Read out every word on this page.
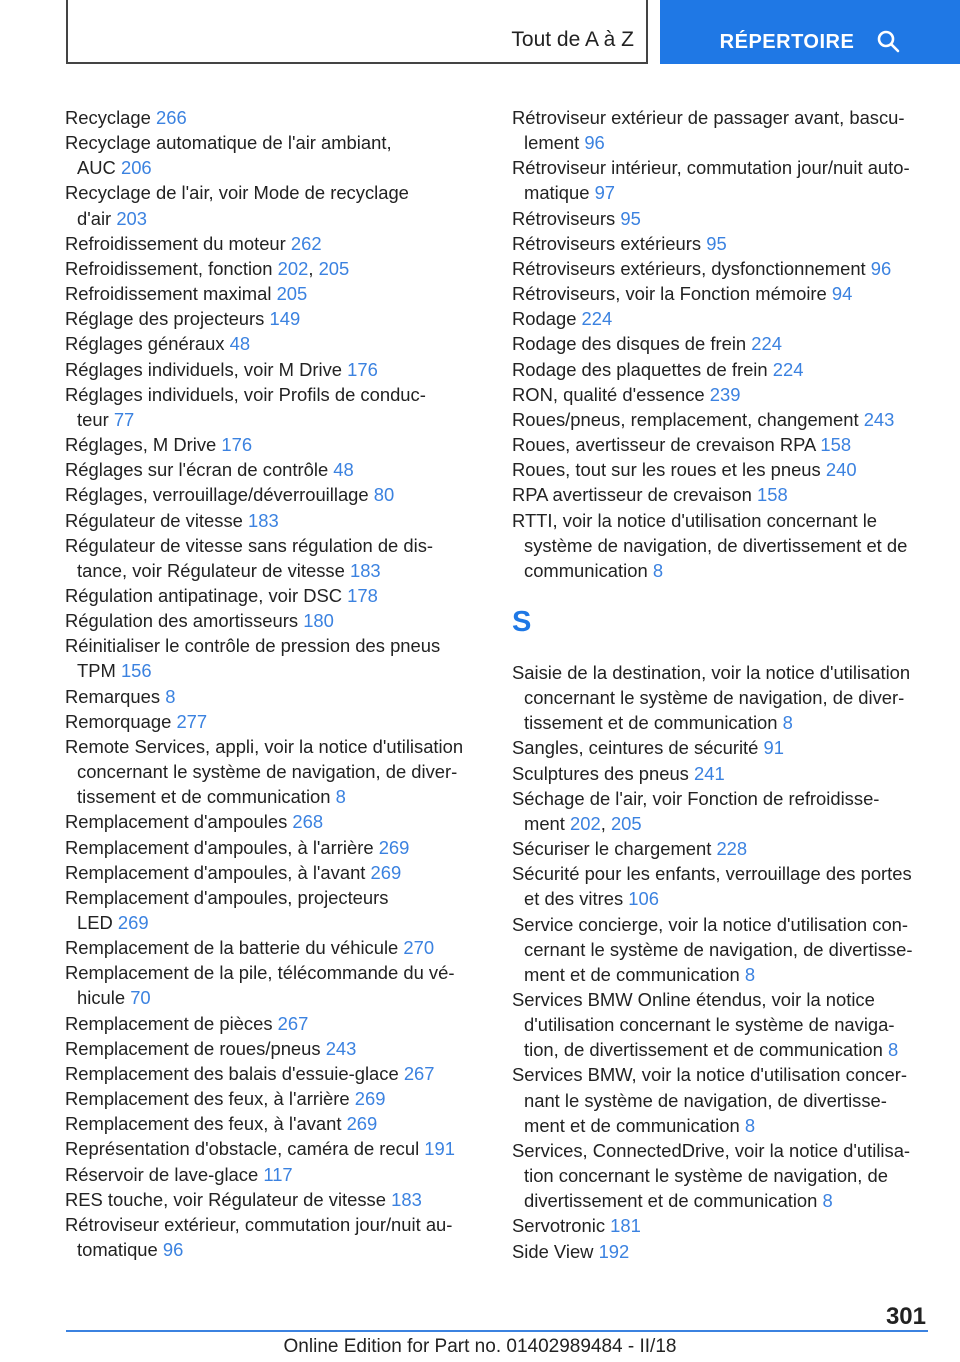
Tout de A à Z	RÉPERTOIRE
Recyclage 266
Recyclage automatique de l'air ambiant,
AUC 206
Recyclage de l'air, voir Mode de recyclage
d'air 203
Refroidissement du moteur 262
Refroidissement, fonction 202, 205
Refroidissement maximal 205
Réglage des projecteurs 149
Réglages généraux 48
Réglages individuels, voir M Drive 176
Réglages individuels, voir Profils de conduc-
teur 77
Réglages, M Drive 176
Réglages sur l'écran de contrôle 48
Réglages, verrouillage/déverrouillage 80
Régulateur de vitesse 183
Régulateur de vitesse sans régulation de dis-
tance, voir Régulateur de vitesse 183
Régulation antipatinage, voir DSC 178
Régulation des amortisseurs 180
Réinitialiser le contrôle de pression des pneus
TPM 156
Remarques 8
Remorquage 277
Remote Services, appli, voir la notice d'utilisation
concernant le système de navigation, de diver-
tissement et de communication 8
Remplacement d'ampoules 268
Remplacement d'ampoules, à l'arrière 269
Remplacement d'ampoules, à l'avant 269
Remplacement d'ampoules, projecteurs
LED 269
Remplacement de la batterie du véhicule 270
Remplacement de la pile, télécommande du vé-
hicule 70
Remplacement de pièces 267
Remplacement de roues/pneus 243
Remplacement des balais d'essuie-glace 267
Remplacement des feux, à l'arrière 269
Remplacement des feux, à l'avant 269
Représentation d'obstacle, caméra de recul 191
Réservoir de lave-glace 117
RES touche, voir Régulateur de vitesse 183
Rétroviseur extérieur, commutation jour/nuit au-
tomatique 96
Rétroviseur extérieur de passager avant, bascu-
lement 96
Rétroviseur intérieur, commutation jour/nuit auto-
matique 97
Rétroviseurs 95
Rétroviseurs extérieurs 95
Rétroviseurs extérieurs, dysfonctionnement 96
Rétroviseurs, voir la Fonction mémoire 94
Rodage 224
Rodage des disques de frein 224
Rodage des plaquettes de frein 224
RON, qualité d'essence 239
Roues/pneus, remplacement, changement 243
Roues, avertisseur de crevaison RPA 158
Roues, tout sur les roues et les pneus 240
RPA avertisseur de crevaison 158
RTTI, voir la notice d'utilisation concernant le
système de navigation, de divertissement et de
communication 8
S
Saisie de la destination, voir la notice d'utilisation
concernant le système de navigation, de diver-
tissement et de communication 8
Sangles, ceintures de sécurité 91
Sculptures des pneus 241
Séchage de l'air, voir Fonction de refroidisse-
ment 202, 205
Sécuriser le chargement 228
Sécurité pour les enfants, verrouillage des portes
et des vitres 106
Service concierge, voir la notice d'utilisation con-
cernant le système de navigation, de divertisse-
ment et de communication 8
Services BMW Online étendus, voir la notice
d'utilisation concernant le système de naviga-
tion, de divertissement et de communication 8
Services BMW, voir la notice d'utilisation concer-
nant le système de navigation, de divertisse-
ment et de communication 8
Services, ConnectedDrive, voir la notice d'utilisa-
tion concernant le système de navigation, de
divertissement et de communication 8
Servotronic 181
Side View 192
301
Online Edition for Part no. 01402989484 - II/18
